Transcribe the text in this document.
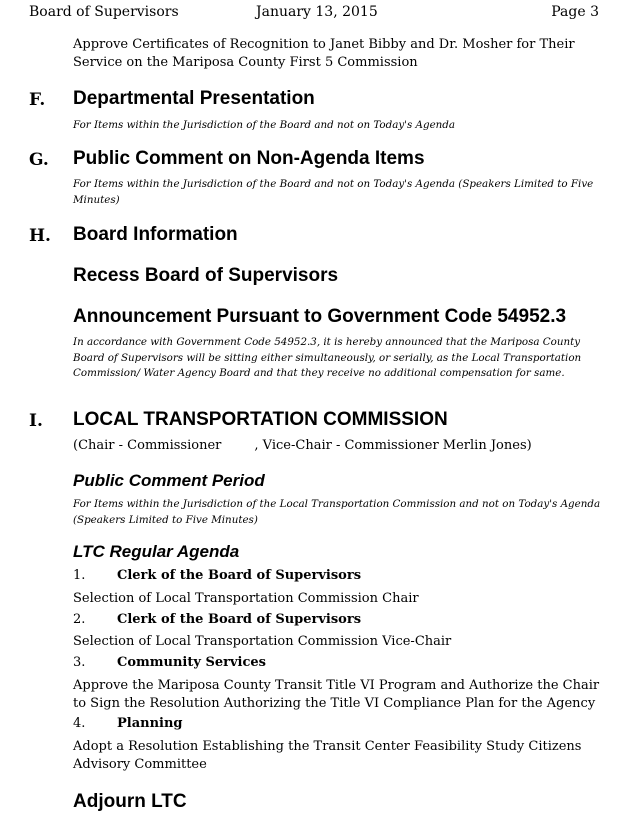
Board of Supervisors	January 13, 2015	Page 3
Approve Certificates of Recognition to Janet Bibby and Dr. Mosher for Their Service on the Mariposa County First 5 Commission
F. Departmental Presentation
For Items within the Jurisdiction of the Board and not on Today's Agenda
G. Public Comment on Non-Agenda Items
For Items within the Jurisdiction of the Board and not on Today's Agenda (Speakers Limited to Five Minutes)
H. Board Information
Recess Board of Supervisors
Announcement Pursuant to Government Code 54952.3
In accordance with Government Code 54952.3, it is hereby announced that the Mariposa County Board of Supervisors will be sitting either simultaneously, or serially, as the Local Transportation Commission/ Water Agency Board and that they receive no additional compensation for same.
I. LOCAL TRANSPORTATION COMMISSION
(Chair - Commissioner        , Vice-Chair - Commissioner Merlin Jones)
Public Comment Period
For Items within the Jurisdiction of the Local Transportation Commission and not on Today's Agenda (Speakers Limited to Five Minutes)
LTC Regular Agenda
1. Clerk of the Board of Supervisors
Selection of Local Transportation Commission Chair
2. Clerk of the Board of Supervisors
Selection of Local Transportation Commission Vice-Chair
3. Community Services
Approve the Mariposa County Transit Title VI Program and Authorize the Chair to Sign the Resolution Authorizing the Title VI Compliance Plan for the Agency
4. Planning
Adopt a Resolution Establishing the Transit Center Feasibility Study Citizens Advisory Committee
Adjourn LTC
